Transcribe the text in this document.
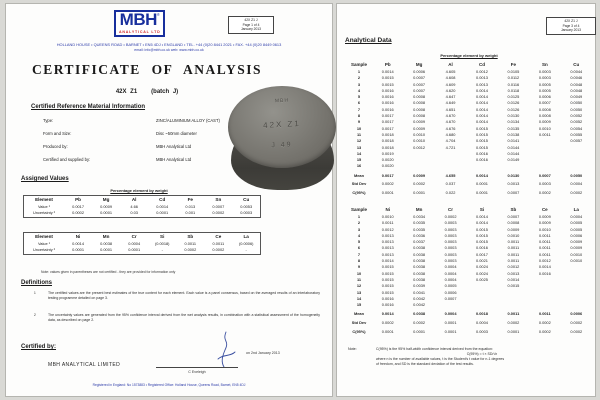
MBH®
ANALYTICAL LTD
42X Z1 J
Page 1 of 4
January 2013
HOLLAND HOUSE • QUEENS ROAD • BARNET • EN5 4DJ • ENGLAND • TEL. +44 (0)20 8441 2021 • FAX. +44 (0)20 8449 0613
email: info@mbh.co.uk web: www.mbh.co.uk
CERTIFICATE OF ANALYSIS
42X Z1 (batch J)
Certified Reference Material Information
Type:	ZINC/ALUMINIUM ALLOY (CAST)
Form and Size:	Disc ~50mm diameter
Produced by:	MBH Analytical Ltd
Certified and supplied by:	MBH Analytical Ltd
MBH
42X Z1
J 49
Assigned Values
Percentage element by weight
Element	Pb	Mg	Al	Cd	Fe	Sn	Cu
Value ¹	0.0017	0.0009	4.66	0.0014	0.013	0.0007	0.0053
Uncertainty ²	0.0002	0.0001	0.03	0.0001	0.001	0.0002	0.0003
Element	Ni	Mn	Cr	Si	Sb	Ce	La
Value ¹	0.0014	0.0038	0.0004	(0.0018)	0.0011	0.0011	(0.0006)
Uncertainty ²	0.0001	0.0001	0.0001	-	0.0002	0.0002	-
Note: values given in parentheses are not certified - they are provided for information only
Definitions
1	The certified values are the present best estimates of the true content for each element. Each value is a panel consensus, based on the averaged results of an interlaboratory testing programme detailed on page 3.
2	The uncertainty values are generated from the 95% confidence interval derived from the wet analysis results, in combination with a statistical assessment of the homogeneity data, as described on page 2.
Certified by:
on 2nd January 2013
MBH ANALYTICAL LIMITED
C Eveleigh
Registered in England: No 1573883 • Registered Office: Holland House, Queens Road, Barnet, EN5 4DJ
42X Z1 J
Page 3 of 4
January 2013
Analytical Data
Percentage element by weight
Sample	Pb	Mg	Al	Cd	Fe	Sn	Cu
1	0.0014	0.0006	4.605	0.0012	0.0105	0.0003	0.0044
2	0.0015	0.0007	4.608	0.0013	0.0112	0.0003	0.0046
3	0.0015	0.0007	4.609	0.0013	0.0116	0.0005	0.0048
4	0.0016	0.0007	4.620	0.0014	0.0118	0.0005	0.0048
5	0.0016	0.0008	4.647	0.0014	0.0125	0.0006	0.0049
6	0.0016	0.0008	4.649	0.0014	0.0126	0.0007	0.0050
7	0.0016	0.0008	4.651	0.0014	0.0126	0.0008	0.0050
8	0.0017	0.0008	4.670	0.0014	0.0130	0.0008	0.0052
9	0.0017	0.0009	4.670	0.0014	0.0134	0.0009	0.0052
10	0.0017	0.0009	4.676	0.0015	0.0135	0.0010	0.0054
11	0.0018	0.0010	4.680	0.0015	0.0138	0.0011	0.0055
12	0.0018	0.0010	4.704	0.0015	0.0141		0.0057
13	0.0018	0.0012	4.721	0.0015	0.0144		
14	0.0019			0.0016	0.0144		
15	0.0020			0.0016	0.0149		
16	0.0020						
Mean	0.0017	0.0009	4.655	0.0014	0.0130	0.0007	0.0050
Std Dev	0.0002	0.0002	0.037	0.0001	0.0013	0.0003	0.0004
C(95%)	0.0001	0.0001	0.022	0.0001	0.0007	0.0002	0.0002
Sample	Ni	Mn	Cr	Si	Sb	Ce	La
1	0.0010	0.0034	0.0002	0.0014	0.0007	0.0009	0.0004
2	0.0011	0.0035	0.0003	0.0014	0.0008	0.0009	0.0005
3	0.0012	0.0035	0.0003	0.0015	0.0009	0.0010	0.0005
4	0.0013	0.0036	0.0003	0.0015	0.0010	0.0011	0.0006
5	0.0013	0.0037	0.0003	0.0015	0.0011	0.0011	0.0009
6	0.0013	0.0038	0.0003	0.0016	0.0011	0.0011	0.0009
7	0.0013	0.0038	0.0003	0.0017	0.0011	0.0011	0.0010
8	0.0014	0.0038	0.0003	0.0021	0.0011	0.0012	0.0010
9	0.0015	0.0038	0.0004	0.0024	0.0012	0.0014	
10	0.0015	0.0038	0.0004	0.0024	0.0013	0.0016	
11	0.0015	0.0038	0.0004	0.0025	0.0014		
12	0.0015	0.0039	0.0005		0.0015		
13	0.0015	0.0041	0.0006				
14	0.0016	0.0042	0.0007				
15	0.0016	0.0042					
Mean	0.0014	0.0038	0.0004	0.0018	0.0011	0.0011	0.0006
Std Dev	0.0002	0.0002	0.0001	0.0004	0.0002	0.0002	0.0002
C(95%)	0.0001	0.0001	0.0001	0.0003	0.0001	0.0002	0.0002
Note:	C(95%) is the 95% half-width confidence interval derived from the equation:
C(95%) = t × SD/√n
where n is the number of available values, t is the Student's t value for n-1 degrees
of freedom, and SD is the standard deviation of the test results.
